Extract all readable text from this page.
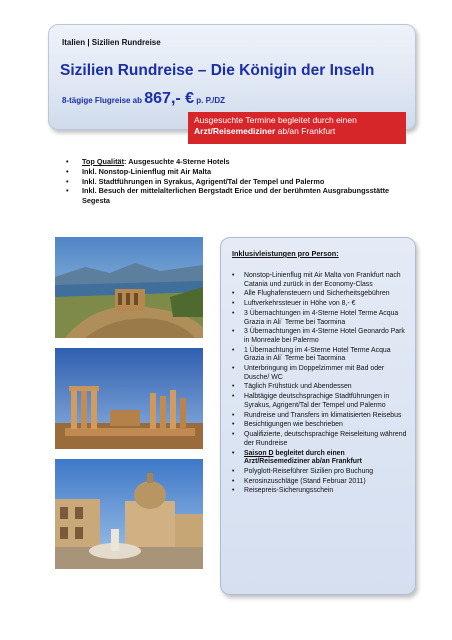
Italien | Sizilien Rundreise
Sizilien Rundreise – Die Königin der Inseln
8-tägige Flugreise ab 867,- € p. P./DZ
Ausgesuchte Termine begleitet durch einen
Arzt/Reisemediziner ab/an Frankfurt
• Top Qualität: Ausgesuchte 4-Sterne Hotels
• Inkl. Nonstop-Linienflug mit Air Malta
• Inkl. Stadtführungen in Syrakus, Agrigent/Tal der Tempel und Palermo
• Inkl. Besuch der mittelalterlichen Bergstadt Erice und der berühmten Ausgrabungsstätte Segesta
Inklusivleistungen pro Person:
• Nonstop-Linienflug mit Air Malta von Frankfurt nach Catania und zurück in der Economy-Class
• Alle Flughafensteuern und Sicherheitsgebühren
• Luftverkehrssteuer in Höhe von 8,- €
• 3 Übernachtungen im 4-Sterne Hotel Terme Acqua Grazia in Ali´ Terme bei Taormina
• 3 Übernachtungen im 4-Sterne Hotel Geonardo Park in Monreale bei Palermo
• 1 Übernachtung im 4-Sterne Hotel Terme Acqua Grazia in Ali´ Terme bei Taormina
• Unterbringung im Doppelzimmer mit Bad oder Dusche/ WC
• Täglich Frühstück und Abendessen
• Halbtägige deutschsprachige Stadtführungen in Syrakus, Agrigent/Tal der Tempel und Palermo
• Rundreise und Transfers im klimatisierten Reisebus
• Besichtigungen wie beschrieben
• Qualifizierte, deutschsprachige Reiseleitung während der Rundreise
• Saison D begleitet durch einen Arzt/Reisemediziner ab/an Frankfurt
• Polyglott-Reiseführer Sizilien pro Buchung
• Kerosinzuschläge (Stand Februar 2011)
• Reisepreis-Sicherungsschein
